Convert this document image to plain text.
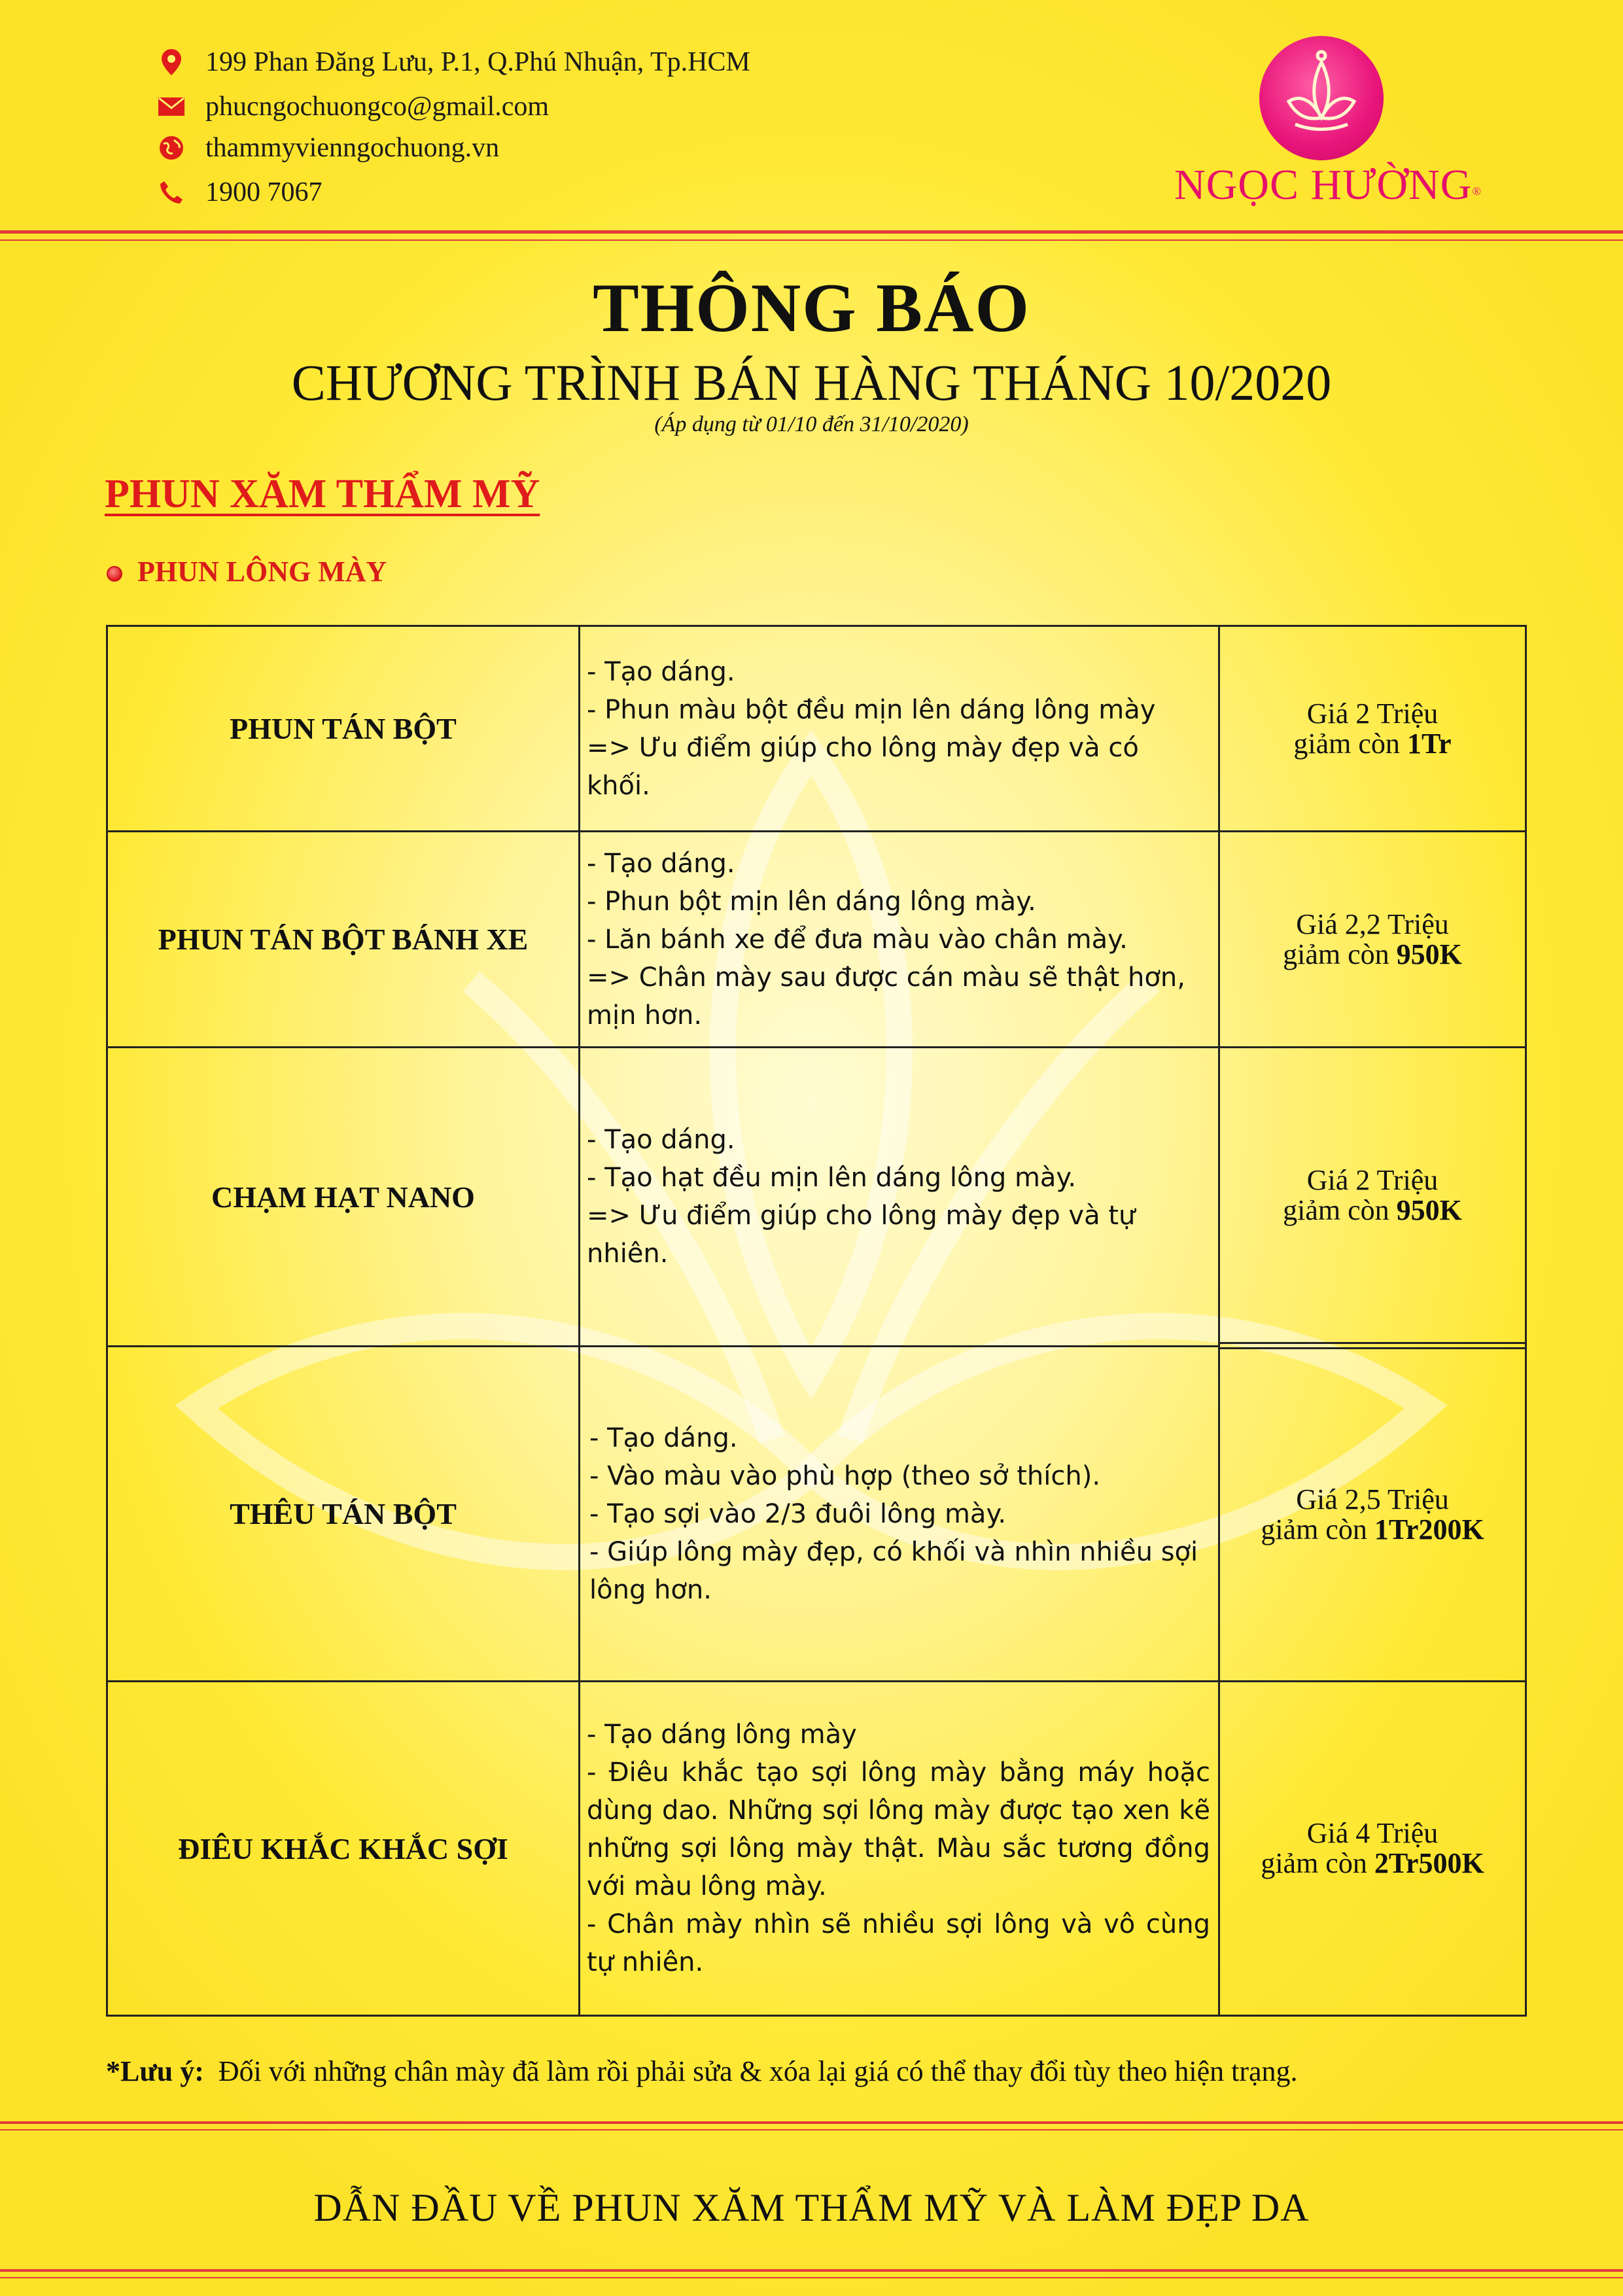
199 Phan Đăng Lưu, P.1, Q.Phú Nhuận, Tp.HCM
phucngochuongco@gmail.com
thammyvienngochuong.vn
1900 7067	NGỌC HƯỜNG®
THÔNG BÁO
CHƯƠNG TRÌNH BÁN HÀNG THÁNG 10/2020
(Áp dụng từ 01/10 đến 31/10/2020)
PHUN XĂM THẨM MỸ
PHUN LÔNG MÀY
PHUN TÁN BỘT
- Tạo dáng.
- Phun màu bột đều mịn lên dáng lông mày
=> Ưu điểm giúp cho lông mày đẹp và có khối.
Giá 2 Triệu
giảm còn 1Tr
PHUN TÁN BỘT BÁNH XE
- Tạo dáng.
- Phun bột mịn lên dáng lông mày.
- Lăn bánh xe để đưa màu vào chân mày.
=> Chân mày sau được cán màu sẽ thật hơn, mịn hơn.
Giá 2,2 Triệu
giảm còn 950K
CHẠM HẠT NANO
- Tạo dáng.
- Tạo hạt đều mịn lên dáng lông mày.
=> Ưu điểm giúp cho lông mày đẹp và tự nhiên.
Giá 2 Triệu
giảm còn 950K
THÊU TÁN BỘT
- Tạo dáng.
- Vào màu vào phù hợp (theo sở thích).
- Tạo sợi vào 2/3 đuôi lông mày.
- Giúp lông mày đẹp, có khối và nhìn nhiều sợi lông hơn.
Giá 2,5 Triệu
giảm còn 1Tr200K
ĐIÊU KHẮC KHẮC SỢI
- Tạo dáng lông mày
- Điêu khắc tạo sợi lông mày bằng máy hoặc dùng dao. Những sợi lông mày được tạo xen kẽ những sợi lông mày thật. Màu sắc tương đồng với màu lông mày.
- Chân mày nhìn sẽ nhiều sợi lông và vô cùng tự nhiên.
Giá 4 Triệu
giảm còn 2Tr500K
*Lưu ý: Đối với những chân mày đã làm rồi phải sửa & xóa lại giá có thể thay đổi tùy theo hiện trạng.
DẪN ĐẦU VỀ PHUN XĂM THẨM MỸ VÀ LÀM ĐẸP DA
